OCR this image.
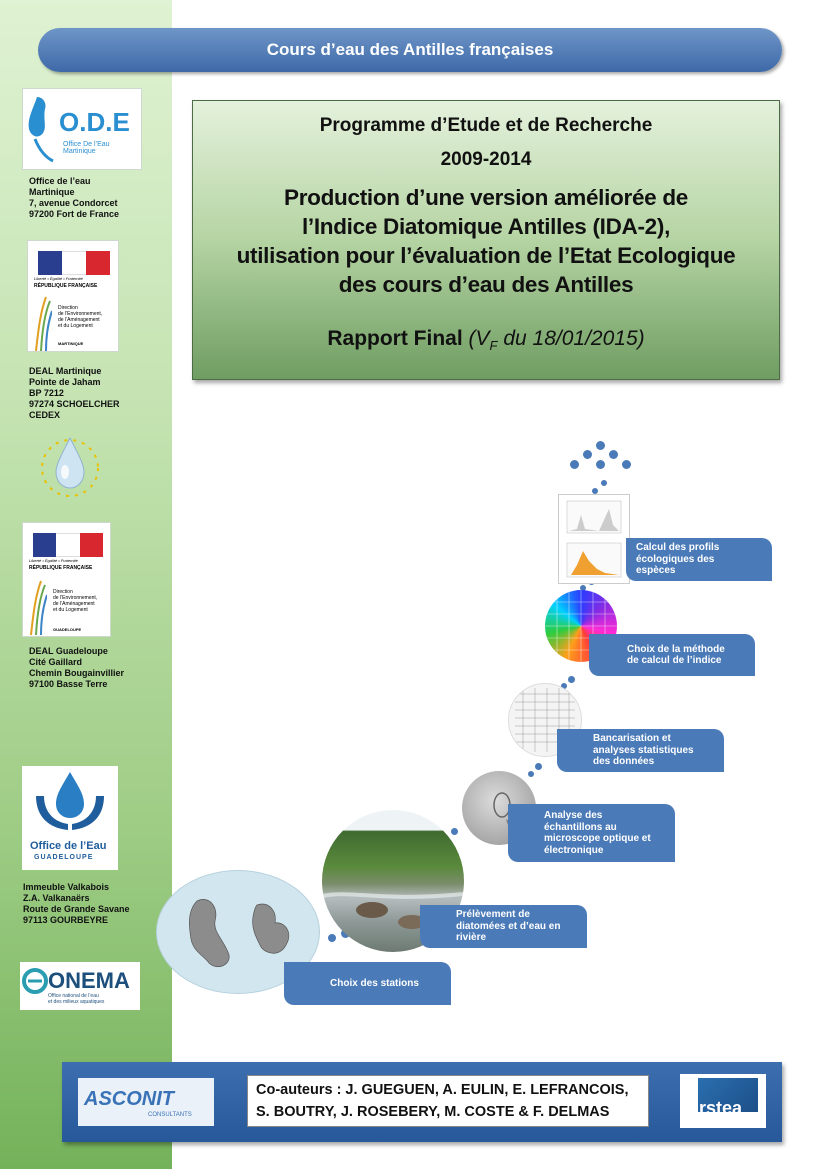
Cours d’eau des Antilles françaises
O.D.E
Office De l’Eau Martinique
Office de l’eau
Martinique
7, avenue Condorcet
97200 Fort de France
Liberté • Égalité • Fraternité
RÉPUBLIQUE FRANÇAISE
Direction
de l’Environnement,
de l’Aménagement
et du Logement
MARTINIQUE
DEAL Martinique
Pointe de Jaham
BP 7212
97274 SCHOELCHER
CEDEX
Liberté • Égalité • Fraternité
RÉPUBLIQUE FRANÇAISE
Direction
de l’Environnement,
de l’Aménagement
et du Logement
GUADELOUPE
DEAL Guadeloupe
Cité Gaillard
Chemin Bougainvillier
97100 Basse Terre
Office de l’Eau
GUADELOUPE
Immeuble Valkabois
Z.A. Valkanaërs
Route de Grande Savane
97113 GOURBEYRE
ONEMA
Office national de l’eau
et des milieux aquatiques
Programme d’Etude et de Recherche
2009-2014
Production d’une version améliorée de
l’Indice Diatomique Antilles (IDA-2),
utilisation pour l’évaluation de l’Etat Ecologique
des cours d’eau des Antilles
Rapport Final ($V_F$ du 18/01/2015)
Calcul des profils
écologiques des
espèces
Choix de la méthode
de calcul de l’indice
Bancarisation et
analyses statistiques
des données
Analyse des
échantillons au
microscope optique et
électronique
Prélèvement de
diatomées et d’eau en
rivière
Choix des stations
ASCONIT
CONSULTANTS
Co-auteurs : J. GUEGUEN, A. EULIN, E. LEFRANCOIS,
S. BOUTRY, J. ROSEBERY, M. COSTE & F. DELMAS	irstea
